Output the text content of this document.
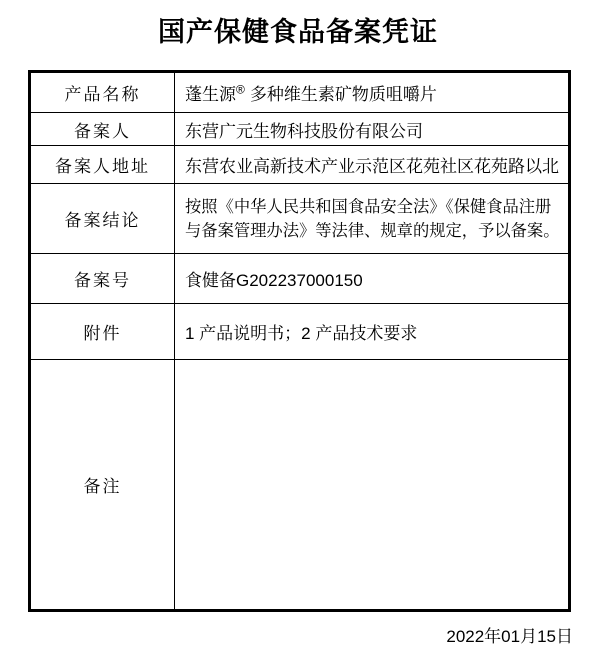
国产保健食品备案凭证
产品名称	蓬生源® 多种维生素矿物质咀嚼片
备案人	东营广元生物科技股份有限公司
备案人地址	东营农业高新技术产业示范区花苑社区花苑路以北
备案结论	按照《中华人民共和国食品安全法》《保健食品注册
与备案管理办法》等法律、规章的规定，予以备案。

备案号	食健备G202237000150
附件	1 产品说明书；2 产品技术要求
备注	
2022年01月15日
